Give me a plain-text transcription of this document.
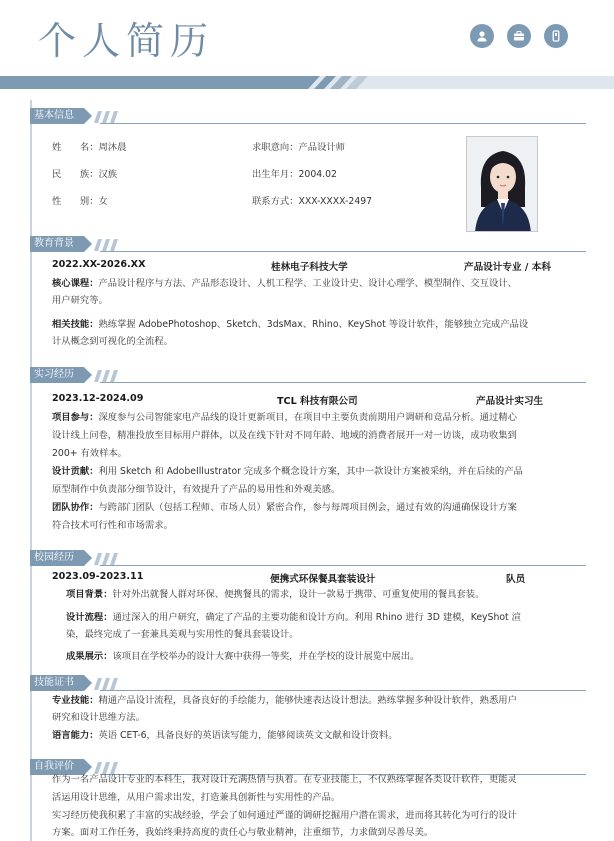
个人简历
基本信息
姓　　名：周沐晨
民　　族：汉族
性　　别：女
求职意向：产品设计师
出生年月：2004.02
联系方式：XXX-XXXX-2497
教育背景
2022.XX-2026.XX	桂林电子科技大学	产品设计专业 / 本科
核心课程：产品设计程序与方法、产品形态设计、人机工程学、工业设计史、设计心理学、模型制作、交互设计、
用户研究等。
相关技能：熟练掌握 AdobePhotoshop、Sketch、3dsMax、Rhino、KeyShot 等设计软件，能够独立完成产品设
计从概念到可视化的全流程。
实习经历
2023.12-2024.09	TCL 科技有限公司	产品设计实习生
项目参与：深度参与公司智能家电产品线的设计更新项目，在项目中主要负责前期用户调研和竞品分析。通过精心
设计线上问卷，精准投放至目标用户群体，以及在线下针对不同年龄、地域的消费者展开一对一访谈，成功收集到
200+ 有效样本。
设计贡献：利用 Sketch 和 AdobeIllustrator 完成多个概念设计方案，其中一款设计方案被采纳，并在后续的产品
原型制作中负责部分细节设计，有效提升了产品的易用性和外观美感。
团队协作：与跨部门团队（包括工程师、市场人员）紧密合作，参与每周项目例会，通过有效的沟通确保设计方案
符合技术可行性和市场需求。
校园经历
2023.09-2023.11	便携式环保餐具套装设计	队员
项目背景：针对外出就餐人群对环保、便携餐具的需求，设计一款易于携带、可重复使用的餐具套装。
设计流程：通过深入的用户研究，确定了产品的主要功能和设计方向。利用 Rhino 进行 3D 建模，KeyShot 渲
染，最终完成了一套兼具美观与实用性的餐具套装设计。
成果展示：该项目在学校举办的设计大赛中获得一等奖，并在学校的设计展览中展出。
技能证书
专业技能：精通产品设计流程，具备良好的手绘能力，能够快速表达设计想法。熟练掌握多种设计软件，熟悉用户
研究和设计思维方法。
语言能力：英语 CET-6，具备良好的英语读写能力，能够阅读英文文献和设计资料。
自我评价
作为一名产品设计专业的本科生，我对设计充满热情与执着。在专业技能上，不仅熟练掌握各类设计软件，更能灵
活运用设计思维，从用户需求出发，打造兼具创新性与实用性的产品。
实习经历使我积累了丰富的实战经验，学会了如何通过严谨的调研挖掘用户潜在需求，进而将其转化为可行的设计
方案。面对工作任务，我始终秉持高度的责任心与敬业精神，注重细节，力求做到尽善尽美。
